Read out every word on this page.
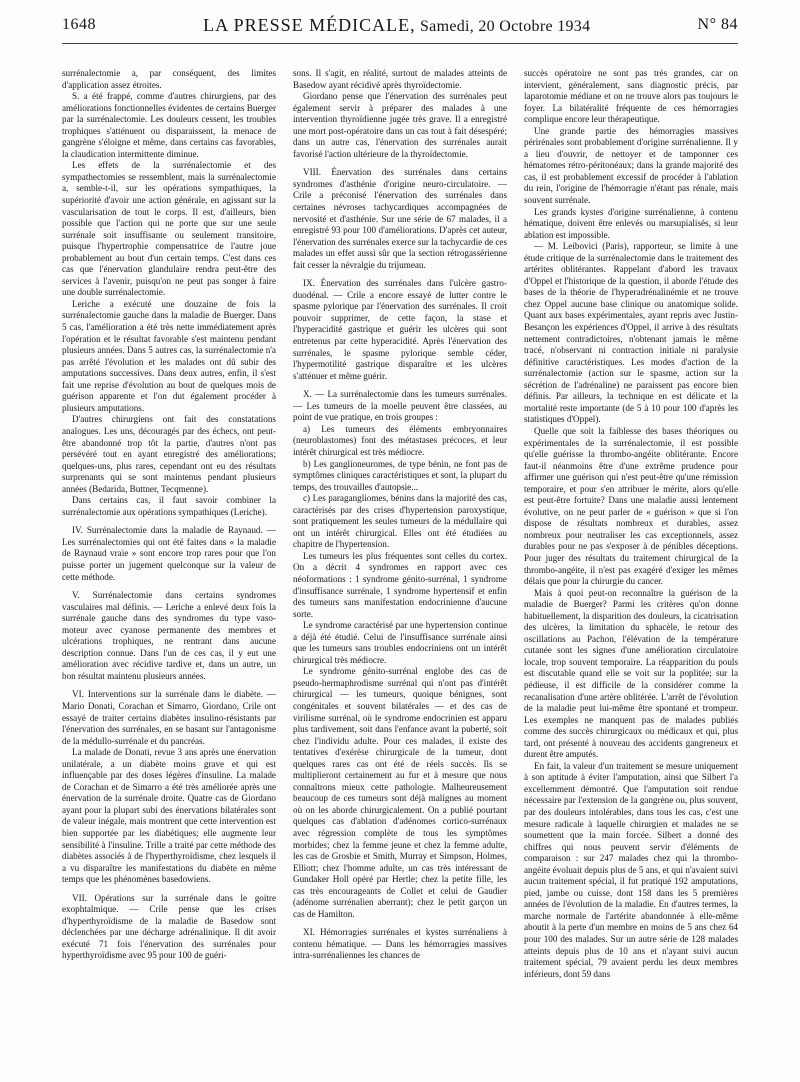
1648	LA PRESSE MÉDICALE, Samedi, 20 Octobre 1934	N° 84

surrénalectomie a, par conséquent, des limites d'application assez étroites.

S. a été frappé, comme d'autres chirurgiens, par des améliorations fonctionnelles évidentes de certains Buerger par la surrénalectomie. Les douleurs cessent, les troubles trophiques s'atténuent ou disparaissent, la menace de gangrène s'éloigne et même, dans certains cas favorables, la claudication intermittente diminue.

Les effets de la surrénalectomie et des sympathectomies se ressemblent, mais la surrénalectomie a, semble-t-il, sur les opérations sympathiques, la supériorité d'avoir une action générale, en agissant sur la vascularisation de tout le corps. Il est, d'ailleurs, bien possible que l'action qui ne porte que sur une seule surrénale soit insuffisante ou seulement transitoire, puisque l'hypertrophie compensatrice de l'autre joue probablement au bout d'un certain temps. C'est dans ces cas que l'énervation glandulaire rendra peut-être des services à l'avenir, puisqu'on ne peut pas songer à faire une double surrénalectomie.

Leriche a exécuté une douzaine de fois la surrénalectomie gauche dans la maladie de Buerger. Dans 5 cas, l'amélioration a été très nette immédiatement après l'opération et le résultat favorable s'est maintenu pendant plusieurs années. Dans 5 autres cas, la surrénalectomie n'a pas arrêté l'évolution et les malades ont dû subir des amputations successives. Dans deux autres, enfin, il s'est fait une reprise d'évolution au bout de quelques mois de guérison apparente et l'on dut également procéder à plusieurs amputations.

D'autres chirurgiens ont fait des constatations analogues. Les uns, découragés par des échecs, ont peut-être abandonné trop tôt la partie, d'autres n'ont pas persévéré tout en ayant enregistré des améliorations; quelques-uns, plus rares, cependant ont eu des résultats surprenants qui se sont maintenus pendant plusieurs années (Bedarida, Buttner, Tecqmenne).

Dans certains cas, il faut savoir combiner la surrénalectomie aux opérations sympathiques (Leriche).

IV. Surrénalectomie dans la maladie de Raynaud. — Les surrénalectomies qui ont été faites dans « la maladie de Raynaud vraie » sont encore trop rares pour que l'on puisse porter un jugement quelconque sur la valeur de cette méthode.

V. Surrénalectomie dans certains syndromes vasculaires mal définis. — Leriche a enlevé deux fois la surrénale gauche dans des syndromes du type vaso-moteur avec cyanose permanente des membres et ulcérations trophiques, ne rentrant dans aucune description connue. Dans l'un de ces cas, il y eut une amélioration avec récidive tardive et, dans un autre, un bon résultat maintenu plusieurs années.

VI. Interventions sur la surrénale dans le diabète. — Mario Donati, Corachan et Simarro, Giordano, Crile ont essayé de traiter certains diabètes insulino-résistants par l'énervation des surrénales, en se basant sur l'antagonisme de la médullo-surrénale et du pancréas.

La malade de Donati, revue 3 ans après une énervation unilatérale, a un diabète moins grave et qui est influençable par des doses légères d'insuline. La malade de Corachan et de Simarro a été très améliorée après une énervation de la surrénale droite. Quatre cas de Giordano ayant pour la plupart subi des énervations bilatérales sont de valeur inégale, mais montrent que cette intervention est bien supportée par les diabétiques; elle augmente leur sensibilité à l'insuline. Trille a traité par cette méthode des diabètes associés à de l'hyperthyroïdisme, chez lesquels il a vu disparaître les manifestations du diabète en même temps que les phénomènes basedowiens.

VII. Opérations sur la surrénale dans le goitre exophtalmique. — Crile pense que les crises d'hyperthyroïdisme de la maladie de Basedow sont déclenchées par une décharge adrénalinique. Il dit avoir exécuté 71 fois l'énervation des surrénales pour hyperthyroïdisme avec 95 pour 100 de guéri-

sons. Il s'agit, en réalité, surtout de malades atteints de Basedow ayant récidivé après thyroïdectomie.

Giordano pense que l'énervation des surrénales peut également servir à préparer des malades à une intervention thyroïdienne jugée très grave. Il a enregistré une mort post-opératoire dans un cas tout à fait désespéré; dans un autre cas, l'énervation des surrénales aurait favorisé l'action ultérieure de la thyroïdectomie.

VIII. Énervation des surrénales dans certains syndromes d'asthénie d'origine neuro-circulatoire. — Crile a préconisé l'énervation des surrénales dans certaines névroses tachycardiques accompagnées de nervosité et d'asthénie. Sur une série de 67 malades, il a enregistré 93 pour 100 d'améliorations. D'après cet auteur, l'énervation des surrénales exerce sur la tachycardie de ces malades un effet aussi sûr que la section rétrogassérienne fait cesser la névralgie du trijumeau.

IX. Énervation des surrénales dans l'ulcère gastro-duodénal. — Crile a encore essayé de lutter contre le spasme pylorique par l'énervation des surrénales. Il croit pouvoir supprimer, de cette façon, la stase et l'hyperacidité gastrique et guérir les ulcères qui sont entretenus par cette hyperacidité. Après l'énervation des surrénales, le spasme pylorique semble céder, l'hypermotilité gastrique disparaître et les ulcères s'atténuer et même guérir.

X. — La surrénalectomie dans les tumeurs surrénales. — Les tumeurs de la moelle peuvent être classées, au point de vue pratique, en trois groupes :

a) Les tumeurs des éléments embryonnaires (neuroblastomes) font des métastases précoces, et leur intérêt chirurgical est très médiocre.

b) Les ganglioneuromes, de type bénin, ne font pas de symptômes cliniques caractéristiques et sont, la plupart du temps, des trouvailles d'autopsie...

c) Les paragangliomes, bénins dans la majorité des cas, caractérisés par des crises d'hypertension paroxystique, sont pratiquement les seules tumeurs de la médullaire qui ont un intérêt chirurgical. Elles ont été étudiées au chapitre de l'hypertension.

Les tumeurs les plus fréquentes sont celles du cortex. On a décrit 4 syndromes en rapport avec ces néoformations : 1 syndrome génito-surrénal, 1 syndrome d'insuffisance surrénale, 1 syndrome hypertensif et enfin des tumeurs sans manifestation endocrinienne d'aucune sorte.

Le syndrome caractérisé par une hypertension continue a déjà été étudié. Celui de l'insuffisance surrénale ainsi que les tumeurs sans troubles endocriniens ont un intérêt chirurgical très médiocre.

Le syndrome génito-surrénal englobe des cas de pseudo-hermaphrodisme surrénal qui n'ont pas d'intérêt chirurgical — les tumeurs, quoique bénignes, sont congénitales et souvent bilatérales — et des cas de virilisme surrénal, où le syndrome endocrinien est apparu plus tardivement, soit dans l'enfance avant la puberté, soit chez l'individu adulte. Pour ces malades, il existe des tentatives d'exérèse chirurgicale de la tumeur, dont quelques rares cas ont été de réels succès. Ils se multiplieront certainement au fur et à mesure que nous connaîtrons mieux cette pathologie. Malheureusement beaucoup de ces tumeurs sont déjà malignes au moment où on les aborde chirurgicalement. On a publié pourtant quelques cas d'ablation d'adénomes cortico-surrénaux avec régression complète de tous les symptômes morbides; chez la femme jeune et chez la femme adulte, les cas de Grosbie et Smith, Murray et Simpson, Holmes, Elliott; chez l'homme adulte, un cas très intéressant de Gundaker Holl opéré par Hertle; chez la petite fille, les cas très encourageants de Collet et celui de Gaudier (adénome surrénalien aberrant); chez le petit garçon un cas de Hamilton.

XI. Hémorragies surrénales et kystes surrénaliens à contenu hématique. — Dans les hémorragies massives intra-surrénaliennes les chances de

succès opératoire ne sont pas très grandes, car on intervient, généralement, sans diagnostic précis, par laparotomie médiane et on ne trouve alors pas toujours le foyer. La bilatéralité fréquente de ces hémorragies complique encore leur thérapeutique.

Une grande partie des hémorragies massives périrénales sont probablement d'origine surrénalienne. Il y a lieu d'ouvrir, de nettoyer et de tamponner ces hématomes rétro-péritonéaux; dans la grande majorité des cas, il est probablement excessif de procéder à l'ablation du rein, l'origine de l'hémorragie n'étant pas rénale, mais souvent surrénale.

Les grands kystes d'origine surrénalienne, à contenu hématique, doivent être enlevés ou marsupialisés, si leur ablation est impossible.

— M. Leibovici (Paris), rapporteur, se limite à une étude critique de la surrénalectomie dans le traitement des artérites oblitérantes. Rappelant d'abord les travaux d'Oppel et l'historique de la question, il aborde l'étude des bases de la théorie de l'hyperadrénalinémie et ne trouve chez Oppel aucune base clinique ou anatomique solide. Quant aux bases expérimentales, ayant repris avec Justin-Besançon les expériences d'Oppel, il arrive à des résultats nettement contradictoires, n'obtenant jamais le même tracé, n'observant ni contraction initiale ni paralysie définitive caractéristiques. Les modes d'action de la surrénalectomie (action sur le spasme, action sur la sécrétion de l'adrénaline) ne paraissent pas encore bien définis. Par ailleurs, la technique en est délicate et la mortalité reste importante (de 5 à 10 pour 100 d'après les statistiques d'Oppel).

Quelle que soit la faiblesse des bases théoriques ou expérimentales de la surrénalectomie, il est possible qu'elle guérisse la thrombo-angéite oblitérante. Encore faut-il néanmoins être d'une extrême prudence pour affirmer une guérison qui n'est peut-être qu'une rémission temporaire, et pour s'en attribuer le mérite, alors qu'elle est peut-être fortuite? Dans une maladie aussi lentement évolutive, on ne peut parler de « guérison » que si l'on dispose de résultats nombreux et durables, assez nombreux pour neutraliser les cas exceptionnels, assez durables pour ne pas s'exposer à de pénibles déceptions. Pour juger des résultats du traitement chirurgical de la thrombo-angéite, il n'est pas exagéré d'exiger les mêmes délais que pour la chirurgie du cancer.

Mais à quoi peut-on reconnaître la guérison de la maladie de Buerger? Parmi les critères qu'on donne habituellement, la disparition des douleurs, la cicatrisation des ulcères, la limitation du sphacèle, le retour des oscillations au Pachon, l'élévation de la température cutanée sont les signes d'une amélioration circulatoire locale, trop souvent temporaire. La réapparition du pouls est discutable quand elle se voit sur la poplitée; sur la pédieuse, il est difficile de la considérer comme la recanalisation d'une artère oblitérée. L'arrêt de l'évolution de la maladie peut lui-même être spontané et trompeur. Les exemples ne manquent pas de malades publiés comme des succès chirurgicaux ou médicaux et qui, plus tard, ont présenté à nouveau des accidents gangreneux et durent être amputés.

En fait, la valeur d'un traitement se mesure uniquement à son aptitude à éviter l'amputation, ainsi que Silbert l'a excellemment démontré. Que l'amputation soit rendue nécessaire par l'extension de la gangrène ou, plus souvent, par des douleurs intolérables, dans tous les cas, c'est une mesure radicale à laquelle chirurgien et malades ne se soumettent que la main forcée. Silbert a donné des chiffres qui nous peuvent servir d'éléments de comparaison : sur 247 malades chez qui la thrombo-angéite évoluait depuis plus de 5 ans, et qui n'avaient suivi aucun traitement spécial, il fut pratiqué 192 amputations, pied, jambe ou cuisse, dont 158 dans les 5 premières années de l'évolution de la maladie. En d'autres termes, la marche normale de l'artérite abandonnée à elle-même aboutit à la perte d'un membre en moins de 5 ans chez 64 pour 100 des malades. Sur un autre série de 128 malades atteints depuis plus de 10 ans et n'ayant suivi aucun traitement spécial, 79 avaient perdu les deux membres inférieurs, dont 59 dans
